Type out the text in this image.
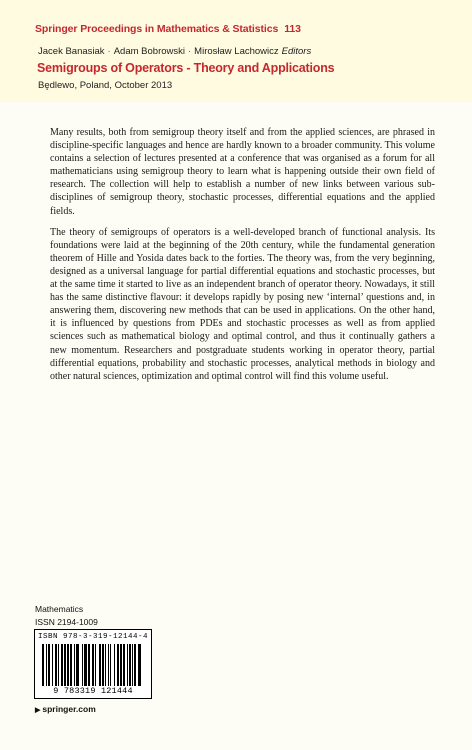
Springer Proceedings in Mathematics & Statistics 113
Jacek Banasiak · Adam Bobrowski · Mirosław Lachowicz Editors
Semigroups of Operators - Theory and Applications
Będlewo, Poland, October 2013

Many results, both from semigroup theory itself and from the applied sciences, are phrased in discipline-specific languages and hence are hardly known to a broader community. This volume contains a selection of lectures presented at a conference that was organised as a forum for all mathematicians using semigroup theory to learn what is happening outside their own field of research. The collection will help to establish a number of new links between various sub-disciplines of semigroup theory, stochastic processes, differential equations and the applied fields.

The theory of semigroups of operators is a well-developed branch of functional analysis. Its foundations were laid at the beginning of the 20th century, while the fundamental generation theorem of Hille and Yosida dates back to the forties. The theory was, from the very beginning, designed as a universal language for partial differential equations and stochastic processes, but at the same time it started to live as an independent branch of operator theory. Nowadays, it still has the same distinctive flavour: it develops rapidly by posing new ‘internal’ questions and, in answering them, discovering new methods that can be used in applications. On the other hand, it is influenced by questions from PDEs and stochastic processes as well as from applied sciences such as mathematical biology and optimal control, and thus it continually gathers a new momentum. Researchers and postgraduate students working in operator theory, partial differential equations, probability and stochastic processes, analytical methods in biology and other natural sciences, optimization and optimal control will find this volume useful.

Mathematics
ISSN 2194-1009
ISBN 978-3-319-12144-4
9 783319 121444
▶ springer.com
